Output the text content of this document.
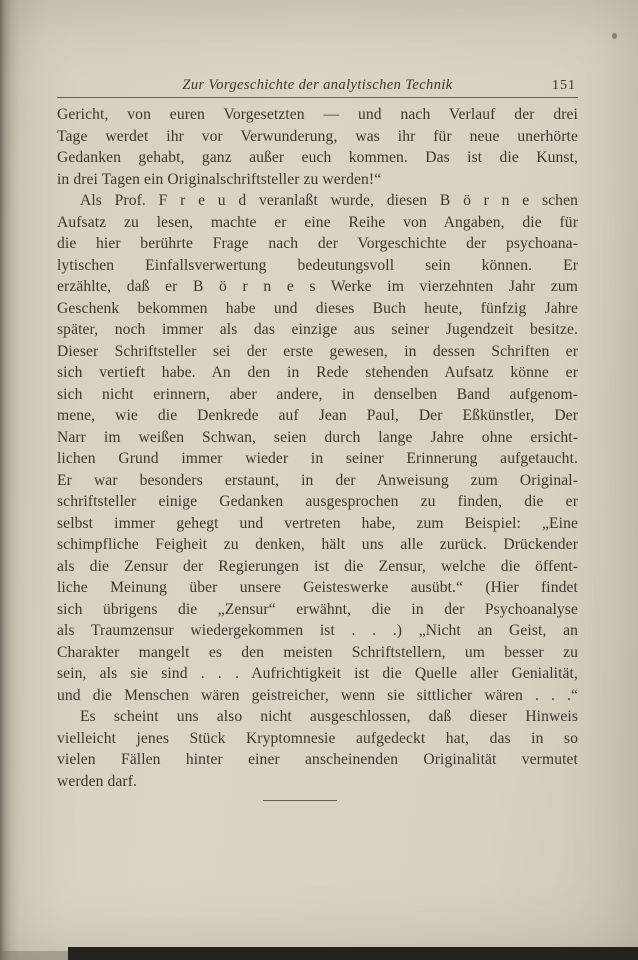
Zur Vorgeschichte der analytischen Technik	151

Gericht, von euren Vorgesetzten — und nach Verlauf der drei
Tage werdet ihr vor Verwunderung, was ihr für neue unerhörte
Gedanken gehabt, ganz außer euch kommen. Das ist die Kunst,
in drei Tagen ein Originalschriftsteller zu werden!“

Als Prof. F r e u d veranlaßt wurde, diesen B ö r n e schen
Aufsatz zu lesen, machte er eine Reihe von Angaben, die für
die hier berührte Frage nach der Vorgeschichte der psychoana-
lytischen Einfallsverwertung bedeutungsvoll sein können. Er
erzählte, daß er B ö r n e s Werke im vierzehnten Jahr zum
Geschenk bekommen habe und dieses Buch heute, fünfzig Jahre
später, noch immer als das einzige aus seiner Jugendzeit besitze.
Dieser Schriftsteller sei der erste gewesen, in dessen Schriften er
sich vertieft habe. An den in Rede stehenden Aufsatz könne er
sich nicht erinnern, aber andere, in denselben Band aufgenom-
mene, wie die Denkrede auf Jean Paul, Der Eßkünstler, Der
Narr im weißen Schwan, seien durch lange Jahre ohne ersicht-
lichen Grund immer wieder in seiner Erinnerung aufgetaucht.
Er war besonders erstaunt, in der Anweisung zum Original-
schriftsteller einige Gedanken ausgesprochen zu finden, die er
selbst immer gehegt und vertreten habe, zum Beispiel: „Eine
schimpfliche Feigheit zu denken, hält uns alle zurück. Drückender
als die Zensur der Regierungen ist die Zensur, welche die öffent-
liche Meinung über unsere Geisteswerke ausübt.“ (Hier findet
sich übrigens die „Zensur“ erwähnt, die in der Psychoanalyse
als Traumzensur wiedergekommen ist . . .) „Nicht an Geist, an
Charakter mangelt es den meisten Schriftstellern, um besser zu
sein, als sie sind . . . Aufrichtigkeit ist die Quelle aller Genialität,
und die Menschen wären geistreicher, wenn sie sittlicher wären . . .“

Es scheint uns also nicht ausgeschlossen, daß dieser Hinweis
vielleicht jenes Stück Kryptomnesie aufgedeckt hat, das in so
vielen Fällen hinter einer anscheinenden Originalität vermutet
werden darf.
